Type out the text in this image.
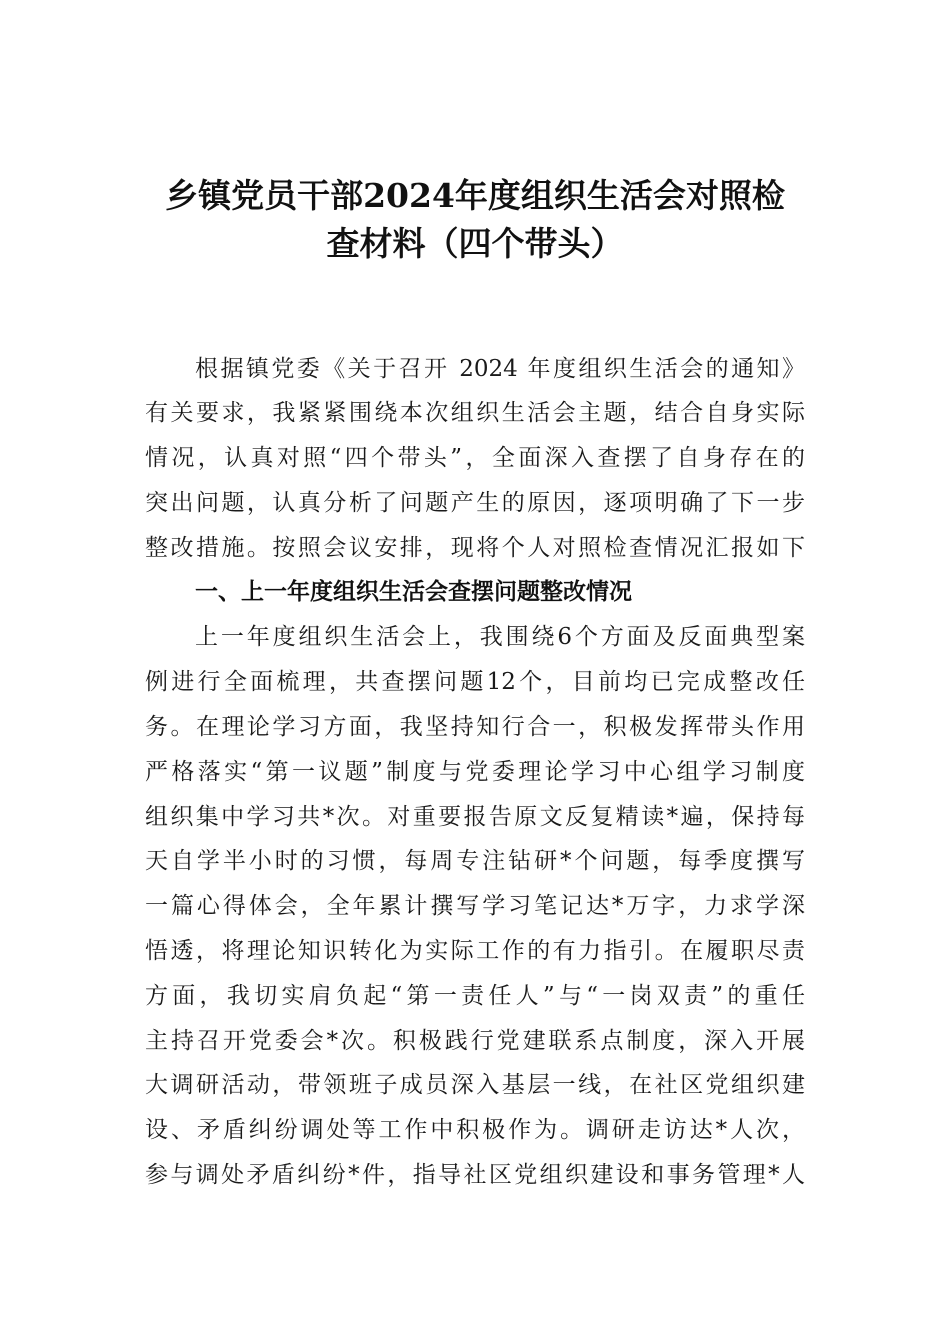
乡镇党员干部2024年度组织生活会对照检
查材料（四个带头）
根据镇党委《关于召开 2024 年度组织生活会的通知》
有关要求，我紧紧围绕本次组织生活会主题，结合自身实际
情况，认真对照“四个带头”，全面深入查摆了自身存在的
突出问题，认真分析了问题产生的原因，逐项明确了下一步
整改措施。按照会议安排，现将个人对照检查情况汇报如下
一、上一年度组织生活会查摆问题整改情况
上一年度组织生活会上，我围绕6个方面及反面典型案
例进行全面梳理，共查摆问题12个，目前均已完成整改任
务。在理论学习方面，我坚持知行合一，积极发挥带头作用
严格落实“第一议题”制度与党委理论学习中心组学习制度
组织集中学习共*次。对重要报告原文反复精读*遍，保持每
天自学半小时的习惯，每周专注钻研*个问题，每季度撰写
一篇心得体会，全年累计撰写学习笔记达*万字，力求学深
悟透，将理论知识转化为实际工作的有力指引。在履职尽责
方面，我切实肩负起“第一责任人”与“一岗双责”的重任
主持召开党委会*次。积极践行党建联系点制度，深入开展
大调研活动，带领班子成员深入基层一线，在社区党组织建
设、矛盾纠纷调处等工作中积极作为。调研走访达*人次，
参与调处矛盾纠纷*件，指导社区党组织建设和事务管理*人
